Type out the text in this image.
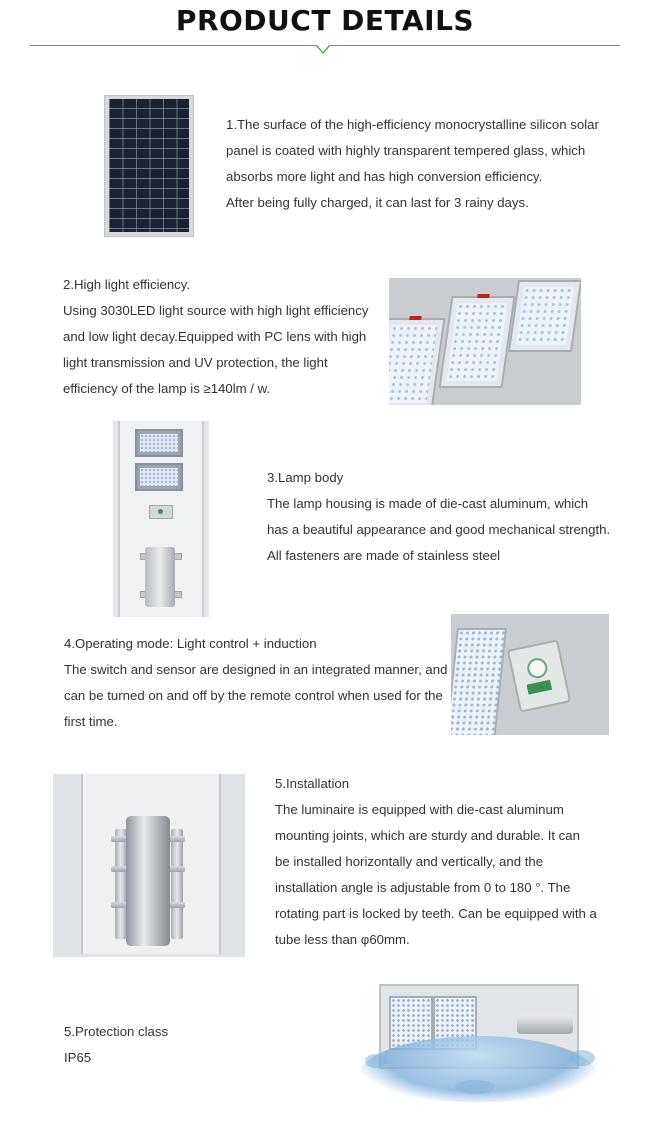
PRODUCT DETAILS

1.The surface of the high-efficiency monocrystalline silicon solar

panel is coated with highly transparent tempered glass, which

absorbs more light and has high conversion efficiency.

After being fully charged, it can last for 3 rainy days.

2.High light efficiency.

Using 3030LED light source with high light efficiency

and low light decay.Equipped with PC lens with high

light transmission and UV protection, the light

efficiency of the lamp is ≥140lm / w.

3.Lamp body

The lamp housing is made of die-cast aluminum, which

has a beautiful appearance and good mechanical strength.

All fasteners are made of stainless steel

4.Operating mode: Light control + induction

The switch and sensor are designed in an integrated manner, and

can be turned on and off by the remote control when used for the

first time.

5.Installation

The luminaire is equipped with die-cast aluminum

mounting joints, which are sturdy and durable. It can

be installed horizontally and vertically, and the

installation angle is adjustable from 0 to 180 °. The

rotating part is locked by teeth. Can be equipped with a

tube less than φ60mm.

5.Protection class

IP65
